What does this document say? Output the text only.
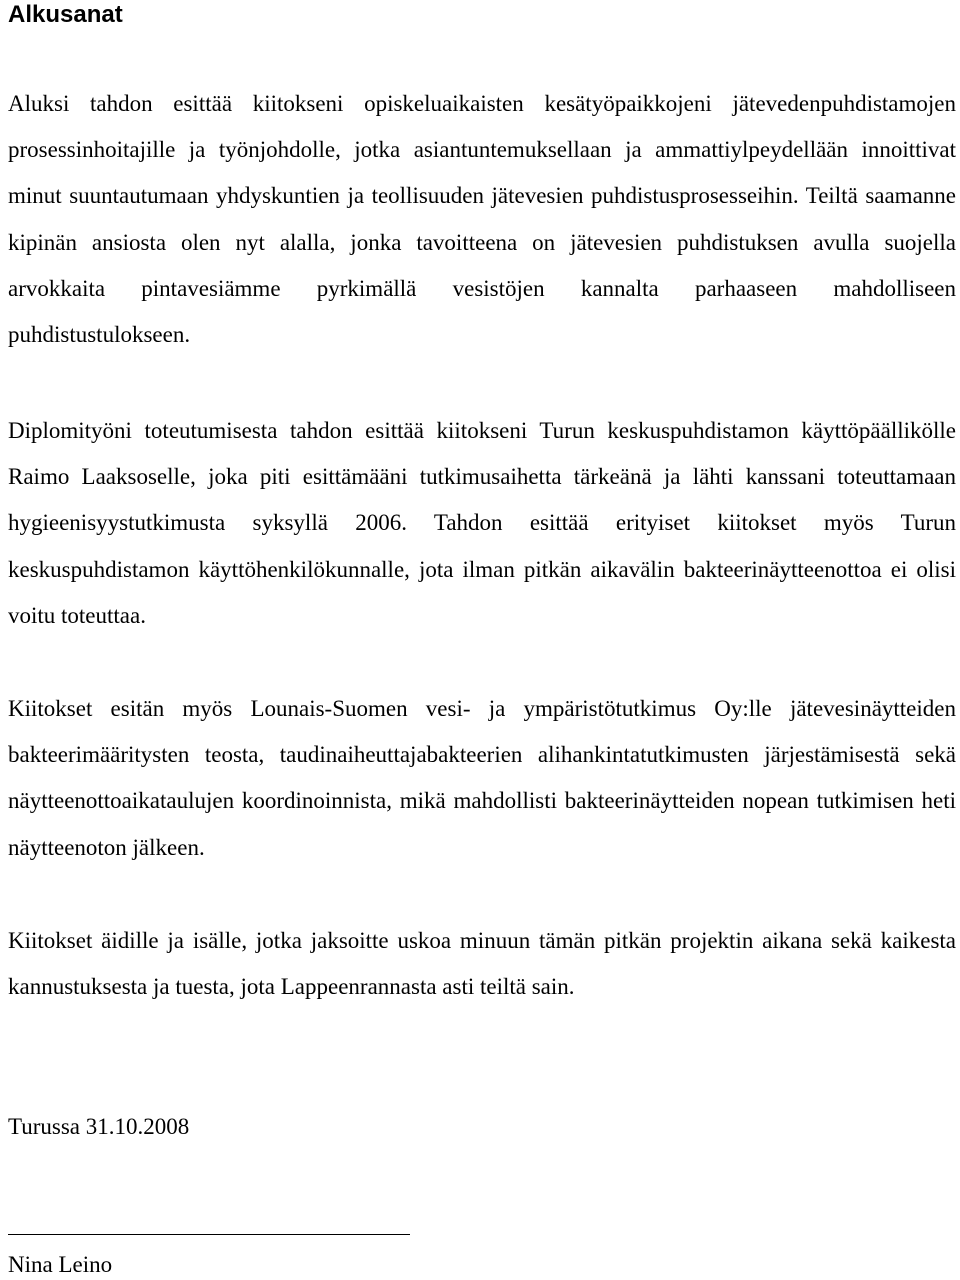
Alkusanat

Aluksi tahdon esittää kiitokseni opiskeluaikaisten kesätyöpaikkojeni jätevedenpuhdistamojen prosessinhoitajille ja työnjohdolle, jotka asiantuntemuksellaan ja ammattiylpeydellään innoittivat minut suuntautumaan yhdyskuntien ja teollisuuden jätevesien puhdistusprosesseihin. Teiltä saamanne kipinän ansiosta olen nyt alalla, jonka tavoitteena on jätevesien puhdistuksen avulla suojella arvokkaita pintavesiämme pyrkimällä vesistöjen kannalta parhaaseen mahdolliseen puhdistustulokseen.

Diplomityöni toteutumisesta tahdon esittää kiitokseni Turun keskuspuhdistamon käyttöpäällikölle Raimo Laaksoselle, joka piti esittämääni tutkimusaihetta tärkeänä ja lähti kanssani toteuttamaan hygieenisyystutkimusta syksyllä 2006. Tahdon esittää erityiset kiitokset myös Turun keskuspuhdistamon käyttöhenkilökunnalle, jota ilman pitkän aikavälin bakteerinäytteenottoa ei olisi voitu toteuttaa.

Kiitokset esitän myös Lounais-Suomen vesi- ja ympäristötutkimus Oy:lle jätevesinäytteiden bakteerimääritysten teosta, taudinaiheuttajabakteerien alihankintatutkimusten järjestämisestä sekä näytteenottoaikataulujen koordinoinnista, mikä mahdollisti bakteerinäytteiden nopean tutkimisen heti näytteenoton jälkeen.

Kiitokset äidille ja isälle, jotka jaksoitte uskoa minuun tämän pitkän projektin aikana sekä kaikesta kannustuksesta ja tuesta, jota Lappeenrannasta asti teiltä sain.

Turussa 31.10.2008

Nina Leino
